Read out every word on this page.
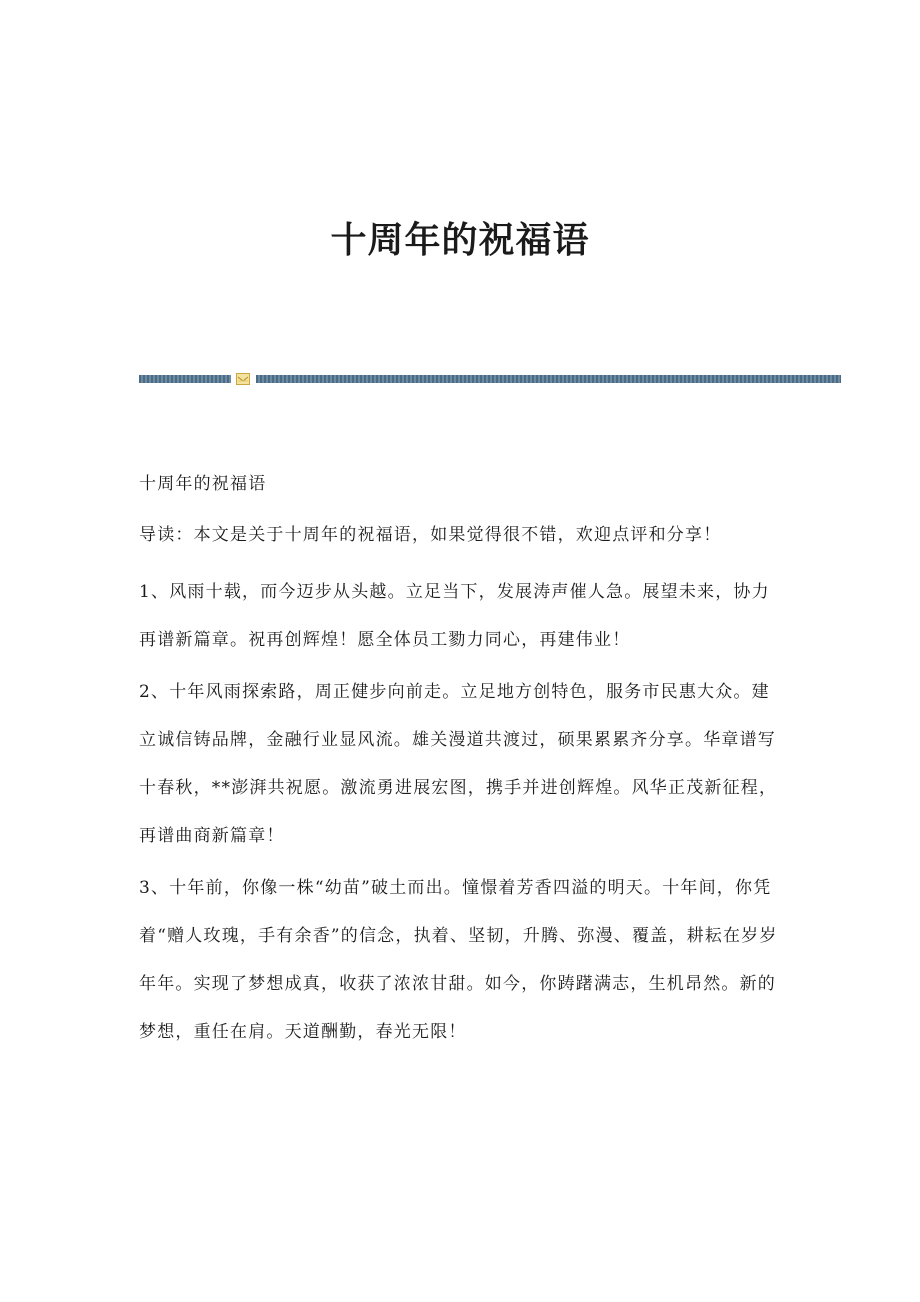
十周年的祝福语

十周年的祝福语

导读：本文是关于十周年的祝福语，如果觉得很不错，欢迎点评和分享！

1、风雨十载，而今迈步从头越。立足当下，发展涛声催人急。展望未来，协力再谱新篇章。祝再创辉煌！愿全体员工勠力同心，再建伟业！

2、十年风雨探索路，周正健步向前走。立足地方创特色，服务市民惠大众。建立诚信铸品牌，金融行业显风流。雄关漫道共渡过，硕果累累齐分享。华章谱写十春秋，**澎湃共祝愿。激流勇进展宏图，携手并进创辉煌。风华正茂新征程，再谱曲商新篇章！

3、十年前，你像一株“幼苗”破土而出。憧憬着芳香四溢的明天。十年间，你凭着“赠人玫瑰，手有余香”的信念，执着、坚韧，升腾、弥漫、覆盖，耕耘在岁岁年年。实现了梦想成真，收获了浓浓甘甜。如今，你踌躇满志，生机昂然。新的梦想，重任在肩。天道酬勤，春光无限！
